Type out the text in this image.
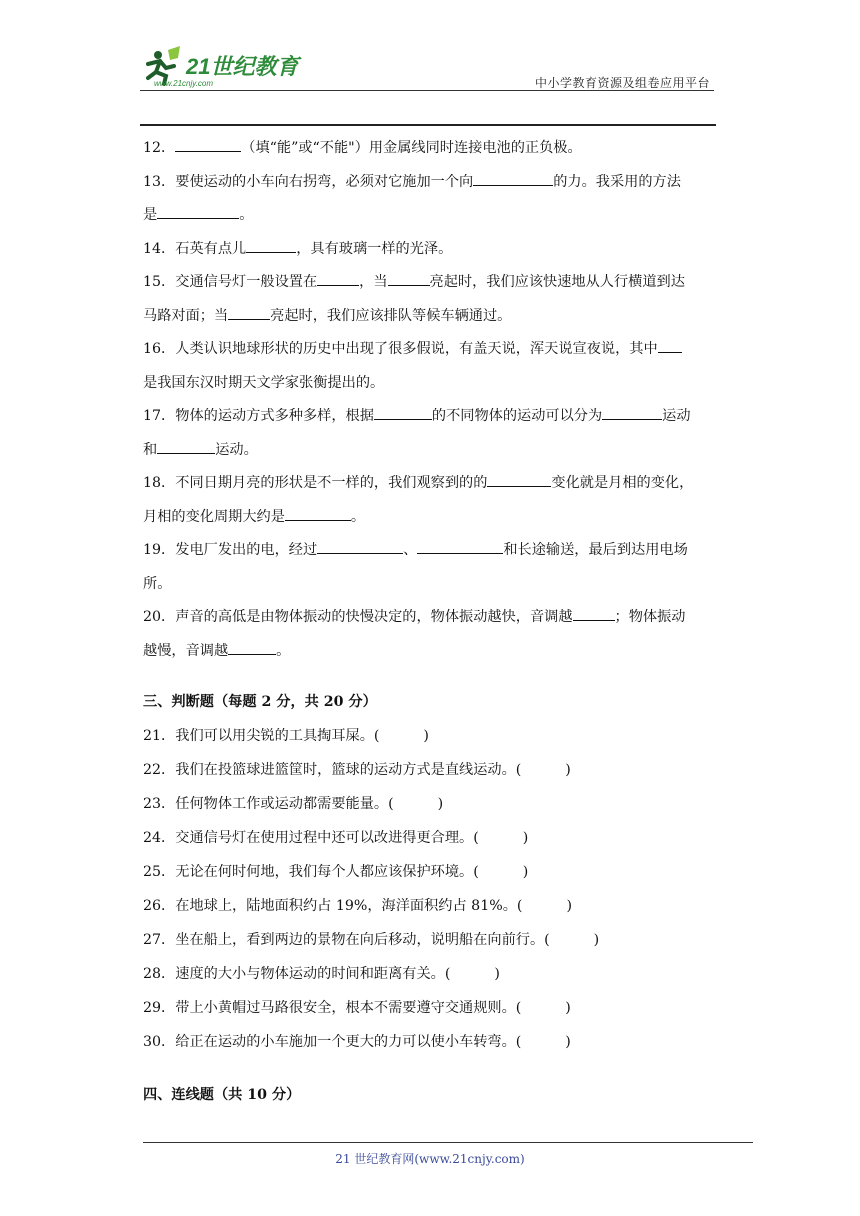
21世纪教育
www.21cnjy.com	中小学教育资源及组卷应用平台

12．	（填“能”或“不能"）用金属线同时连接电池的正负极。

13．要使运动的小车向右拐弯，必须对它施加一个向	的力。我采用的方法

是	。

14．石英有点儿	，具有玻璃一样的光泽。

15．交通信号灯一般设置在	，当	亮起时，我们应该快速地从人行横道到达

马路对面；当	亮起时，我们应该排队等候车辆通过。

16．人类认识地球形状的历史中出现了很多假说，有盖天说，浑天说宣夜说，其中

是我国东汉时期天文学家张衡提出的。

17．物体的运动方式多种多样，根据	的不同物体的运动可以分为	运动

和	运动。

18．不同日期月亮的形状是不一样的，我们观察到的的	变化就是月相的变化，

月相的变化周期大约是	。

19．发电厂发出的电，经过	、	和长途输送，最后到达用电场

所。

20．声音的高低是由物体振动的快慢决定的，物体振动越快，音调越	；物体振动

越慢，音调越	。

三、判断题（每题 2 分，共 20 分）

21．我们可以用尖锐的工具掏耳屎。(	)

22．我们在投篮球进篮筐时，篮球的运动方式是直线运动。(	)

23．任何物体工作或运动都需要能量。(	)

24．交通信号灯在使用过程中还可以改进得更合理。(	)

25．无论在何时何地，我们每个人都应该保护环境。(	)

26．在地球上，陆地面积约占 19%，海洋面积约占 81%。(	)

27．坐在船上，看到两边的景物在向后移动，说明船在向前行。(	)

28．速度的大小与物体运动的时间和距离有关。(	)

29．带上小黄帽过马路很安全，根本不需要遵守交通规则。(	)

30．给正在运动的小车施加一个更大的力可以使小车转弯。(	)

四、连线题（共 10 分）

21 世纪教育网(www.21cnjy.com)
